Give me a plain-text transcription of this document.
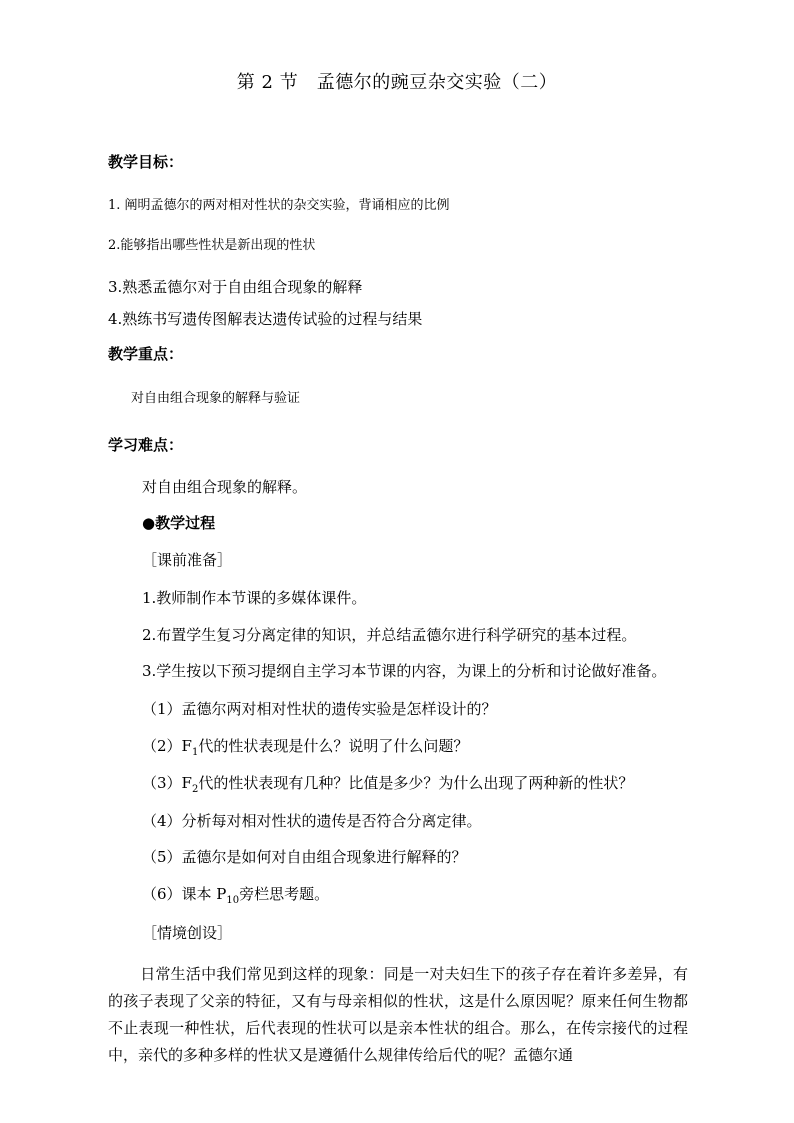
第 2 节　孟德尔的豌豆杂交实验（二）
教学目标：
1. 阐明孟德尔的两对相对性状的杂交实验，背诵相应的比例
2.能够指出哪些性状是新出现的性状
3.熟悉孟德尔对于自由组合现象的解释
4.熟练书写遗传图解表达遗传试验的过程与结果
教学重点：
对自由组合现象的解释与验证
学习难点：
对自由组合现象的解释。
●教学过程
［课前准备］
1.教师制作本节课的多媒体课件。
2.布置学生复习分离定律的知识，并总结孟德尔进行科学研究的基本过程。
3.学生按以下预习提纲自主学习本节课的内容，为课上的分析和讨论做好准备。
（1）孟德尔两对相对性状的遗传实验是怎样设计的？
$(2)F_1$代的性状表现是什么？说明了什么问题？
$(3)F_2$代的性状表现有几种？比值是多少？为什么出现了两种新的性状？
（4）分析每对相对性状的遗传是否符合分离定律。
（5）孟德尔是如何对自由组合现象进行解释的？
（6）课本 $P_{10}$旁栏思考题。
［情境创设］
日常生活中我们常见到这样的现象：同是一对夫妇生下的孩子存在着许多差异，有的孩子表现了父亲的特征，又有与母亲相似的性状，这是什么原因呢？原来任何生物都不止表现一种性状，后代表现的性状可以是亲本性状的组合。那么，在传宗接代的过程中，亲代的多种多样的性状又是遵循什么规律传给后代的呢？孟德尔通
